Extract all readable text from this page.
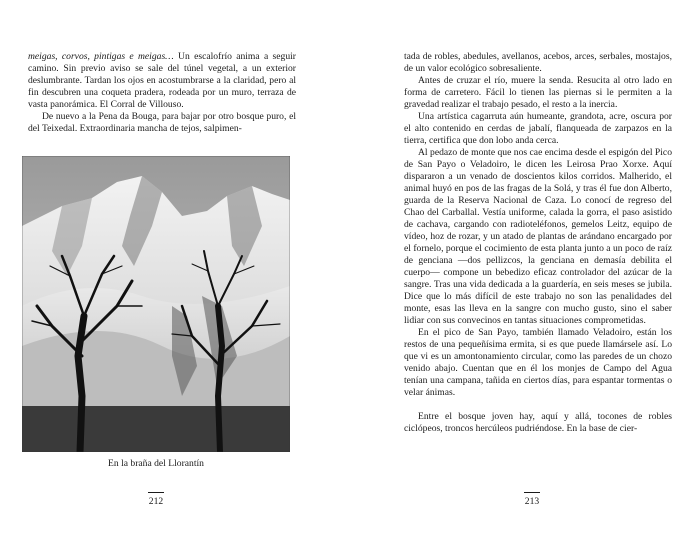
meigas, corvos, pintigas e meigas… Un escalofrío anima a seguir camino. Sin previo aviso se sale del túnel vegetal, a un exterior deslumbrante. Tardan los ojos en acostumbrarse a la claridad, pero al fin descubren una coqueta pradera, rodeada por un muro, terraza de vasta panorámica. El Corral de Villouso.

De nuevo a la Pena da Bouga, para bajar por otro bosque puro, el del Teixedal. Extraordinaria mancha de tejos, salpimen-

En la braña del Llorantín
212

tada de robles, abedules, avellanos, acebos, arces, serbales, mostajos, de un valor ecológico sobresaliente.

Antes de cruzar el río, muere la senda. Resucita al otro lado en forma de carretero. Fácil lo tienen las piernas si le permiten a la gravedad realizar el trabajo pesado, el resto a la inercia.

Una artística cagarruta aún humeante, grandota, acre, oscura por el alto contenido en cerdas de jabalí, flanqueada de zarpazos en la tierra, certifica que don lobo anda cerca.

Al pedazo de monte que nos cae encima desde el espigón del Pico de San Payo o Veladoiro, le dicen les Leirosa Prao Xorxe. Aquí dispararon a un venado de doscientos kilos corridos. Malherido, el animal huyó en pos de las fragas de la Solá, y tras él fue don Alberto, guarda de la Reserva Nacional de Caza. Lo conocí de regreso del Chao del Carballal. Vestía uniforme, calada la gorra, el paso asistido de cachava, cargando con radioteléfonos, gemelos Leitz, equipo de vídeo, hoz de rozar, y un atado de plantas de arándano encargado por el fornelo, porque el cocimiento de esta planta junto a un poco de raíz de genciana —dos pellizcos, la genciana en demasía debilita el cuerpo— compone un bebedizo eficaz controlador del azúcar de la sangre. Tras una vida dedicada a la guardería, en seis meses se jubila. Dice que lo más difícil de este trabajo no son las penalidades del monte, esas las lleva en la sangre con mucho gusto, sino el saber lidiar con sus convecinos en tantas situaciones comprometidas.

En el pico de San Payo, también llamado Veladoiro, están los restos de una pequeñísima ermita, si es que puede llamársele así. Lo que vi es un amontonamiento circular, como las paredes de un chozo venido abajo. Cuentan que en él los monjes de Campo del Agua tenían una campana, tañida en ciertos días, para espantar tormentas o velar ánimas.

Entre el bosque joven hay, aquí y allá, tocones de robles ciclópeos, troncos hercúleos pudriéndose. En la base de cier-

213
